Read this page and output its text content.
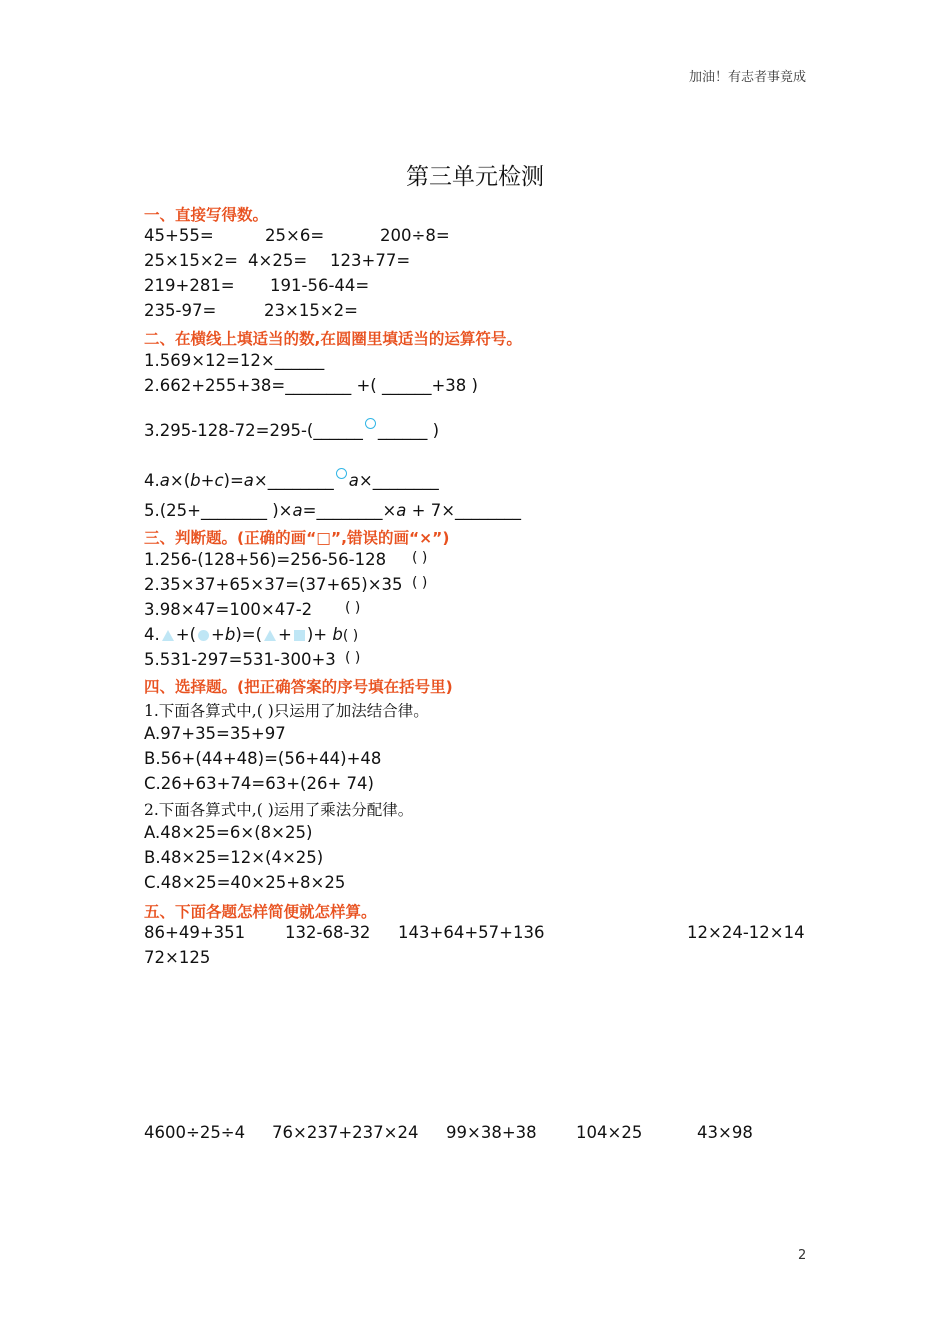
加油！有志者事竟成
第三单元检测
一、直接写得数。
45+55=	25×6=	200÷8=
25×15×2= 4×25= 123+77=
219+281= 191-56-44=
235-97=	23×15×2=
二、在横线上填适当的数,在圆圈里填适当的运算符号。
1.569×12=12×______
2.662+255+38=________ +( ______+38 )
3.295-128-72=295-(______ ______ )
4.a×(b+c)=a×________ a×________
5.(25+________ )×a=________×a + 7×________
三、判断题。(正确的画“□”,错误的画“×”)
1.256-(128+56)=256-56-128 ( )
2.35×37+65×37=(37+65)×35 ( )
3.98×47=100×47-2 ( )
4. +( +b)=( + )+ b( )
5.531-297=531-300+3 ( )
四、选择题。(把正确答案的序号填在括号里)
1.下面各算式中,( )只运用了加法结合律。
A.97+35=35+97
B.56+(44+48)=(56+44)+48
C.26+63+74=63+(26+ 74)
2.下面各算式中,( )运用了乘法分配律。
A.48×25=6×(8×25)
B.48×25=12×(4×25)
C.48×25=40×25+8×25
五、下面各题怎样简便就怎样算。
86+49+351 132-68-32 143+64+57+136	12×24-12×14
72×125
4600÷25÷4 76×237+237×24 99×38+38 104×25	43×98
2
